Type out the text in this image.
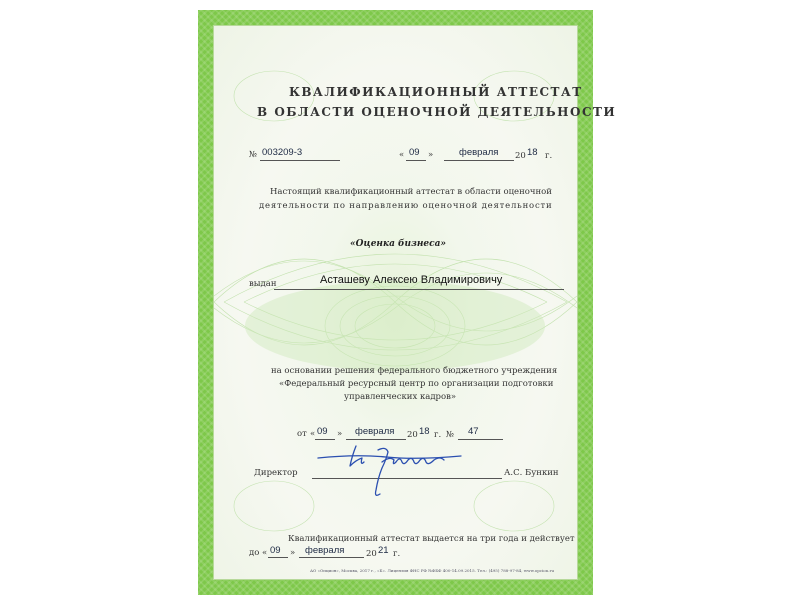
КВАЛИФИКАЦИОННЫЙ АТТЕСТАТ
В ОБЛАСТИ ОЦЕНОЧНОЙ ДЕЯТЕЛЬНОСТИ
№ 003209-3	« 09 »	февраля 20 18 г.
Настоящий квалификационный аттестат в области оценочной
деятельности по направлению оценочной деятельности
«Оценка бизнеса»
выдан	Асташеву Алексею Владимировичу
на основании решения федерального бюджетного учреждения
«Федеральный ресурсный центр по организации подготовки
управленческих кадров»
от « 09 » февраля 20 18 г. № 47
Директор	А.С. Бункин
Квалификационный аттестат выдается на три года и действует
до « 09 » февраля	20 21 г.
АО «Опцион», Москва, 2017 г., «Б». Лицензия ФНС РФ №ФБФ 400-14.09.2015. Тел.: (495) 788-97-84, www.opcion.ru
